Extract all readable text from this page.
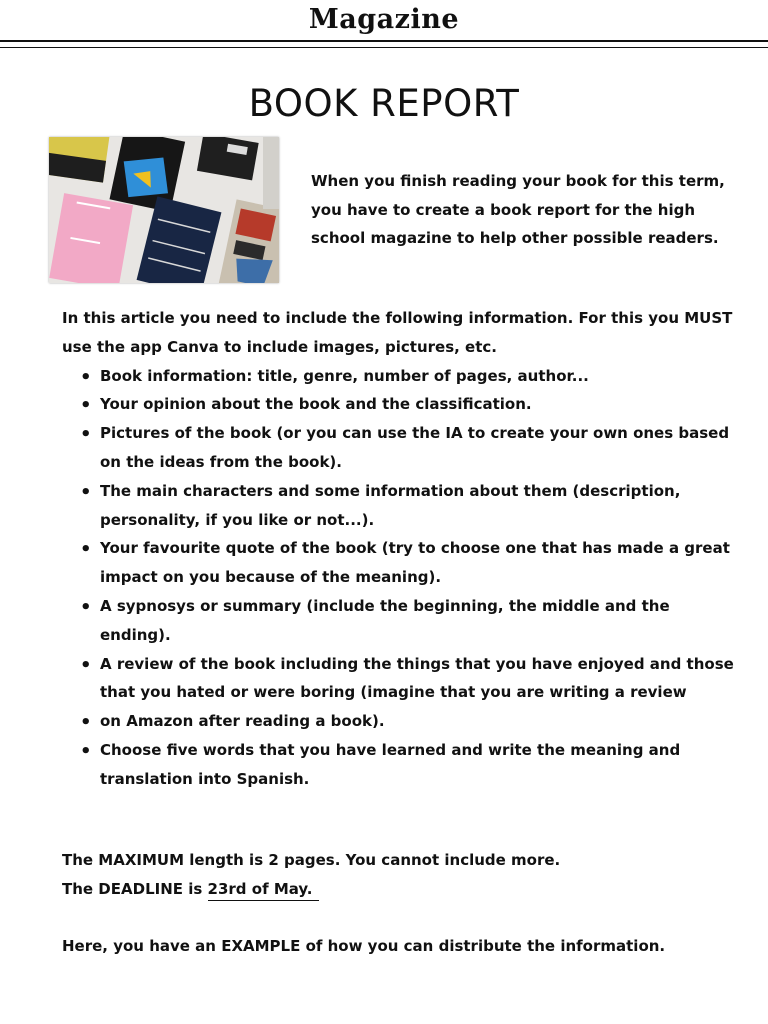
Magazine
BOOK REPORT
When you finish reading your book for this term, you have to create a book report for the high school magazine to help other possible readers.

In this article you need to include the following information. For this you MUST use the app Canva to include images, pictures, etc.

• Book information: title, genre, number of pages, author...
• Your opinion about the book and the classification.
• Pictures of the book (or you can use the IA to create your own ones based on the ideas from the book).
• The main characters and some information about them (description, personality, if you like or not...).
• Your favourite quote of the book (try to choose one that has made a great impact on you because of the meaning).
• A sypnosys or summary (include the beginning, the middle and the ending).
• A review of the book including the things that you have enjoyed and those that you hated or were boring (imagine that you are writing a review
• on Amazon after reading a book).
• Choose five words that you have learned and write the meaning and translation into Spanish.
The MAXIMUM length is 2 pages. You cannot include more.
The DEADLINE is 23rd of May.
Here, you have an EXAMPLE of how you can distribute the information.
